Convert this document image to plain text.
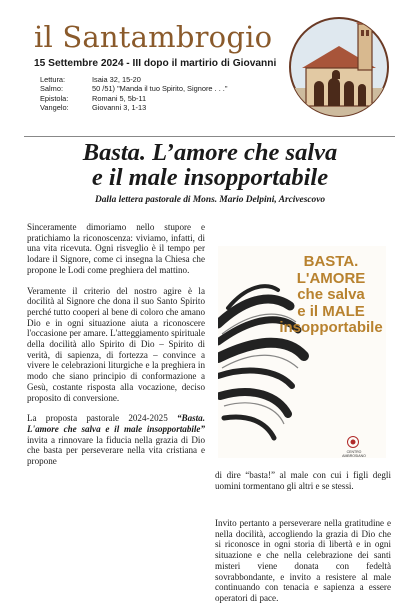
il Santambrogio
15 Settembre 2024 - III dopo il martirio di Giovanni
Lettura:	Isaia 32, 15-20
Salmo:	50 /51) "Manda il tuo Spirito, Signore . . ."
Epistola:	Romani 5, 5b-11
Vangelo:	Giovanni 3, 1-13
Basta. L’amore che salva
e il male insopportabile
Dalla lettera pastorale di Mons. Mario Delpini, Arcivescovo

Sinceramente dimoriamo nello stupore e pratichiamo la riconoscenza: viviamo, infatti, di una vita ricevuta. Ogni risveglio è il tempo per lodare il Signore, come ci insegna la Chiesa che propone le Lodi come preghiera del mattino.

Veramente il criterio del nostro agire è la docilità al Signore che dona il suo Santo Spirito perché tutto cooperi al bene di coloro che amano Dio e in ogni situazione aiuta a riconoscere l'occasione per amare. L'atteggiamento spirituale della docilità allo Spirito di Dio – Spirito di verità, di sapienza, di fortezza – convince a vivere le celebrazioni liturgiche e la preghiera in modo che siano principio di conformazione a Gesù, costante risposta alla vocazione, deciso proposito di conversione.

La proposta pastorale 2024-2025 “Basta. L'amore che salva e il male insopportabile” invita a rinnovare la fiducia nella grazia di Dio che basta per perseverare nella vita cristiana e propone

BASTA.
L'AMORE
che salva
e il MALE
insopportabile
CENTRO AMBROSIANO

di dire “basta!” al male con cui i figli degli uomini tormentano gli altri e se stessi.

Invito pertanto a perseverare nella gratitudine e nella docilità, accogliendo la grazia di Dio che si riconosce in ogni storia di libertà e in ogni situazione e che nella celebrazione dei santi misteri viene donata con fedeltà sovrabbondante, e invito a resistere al male continuando con tenacia e sapienza a essere operatori di pace.
